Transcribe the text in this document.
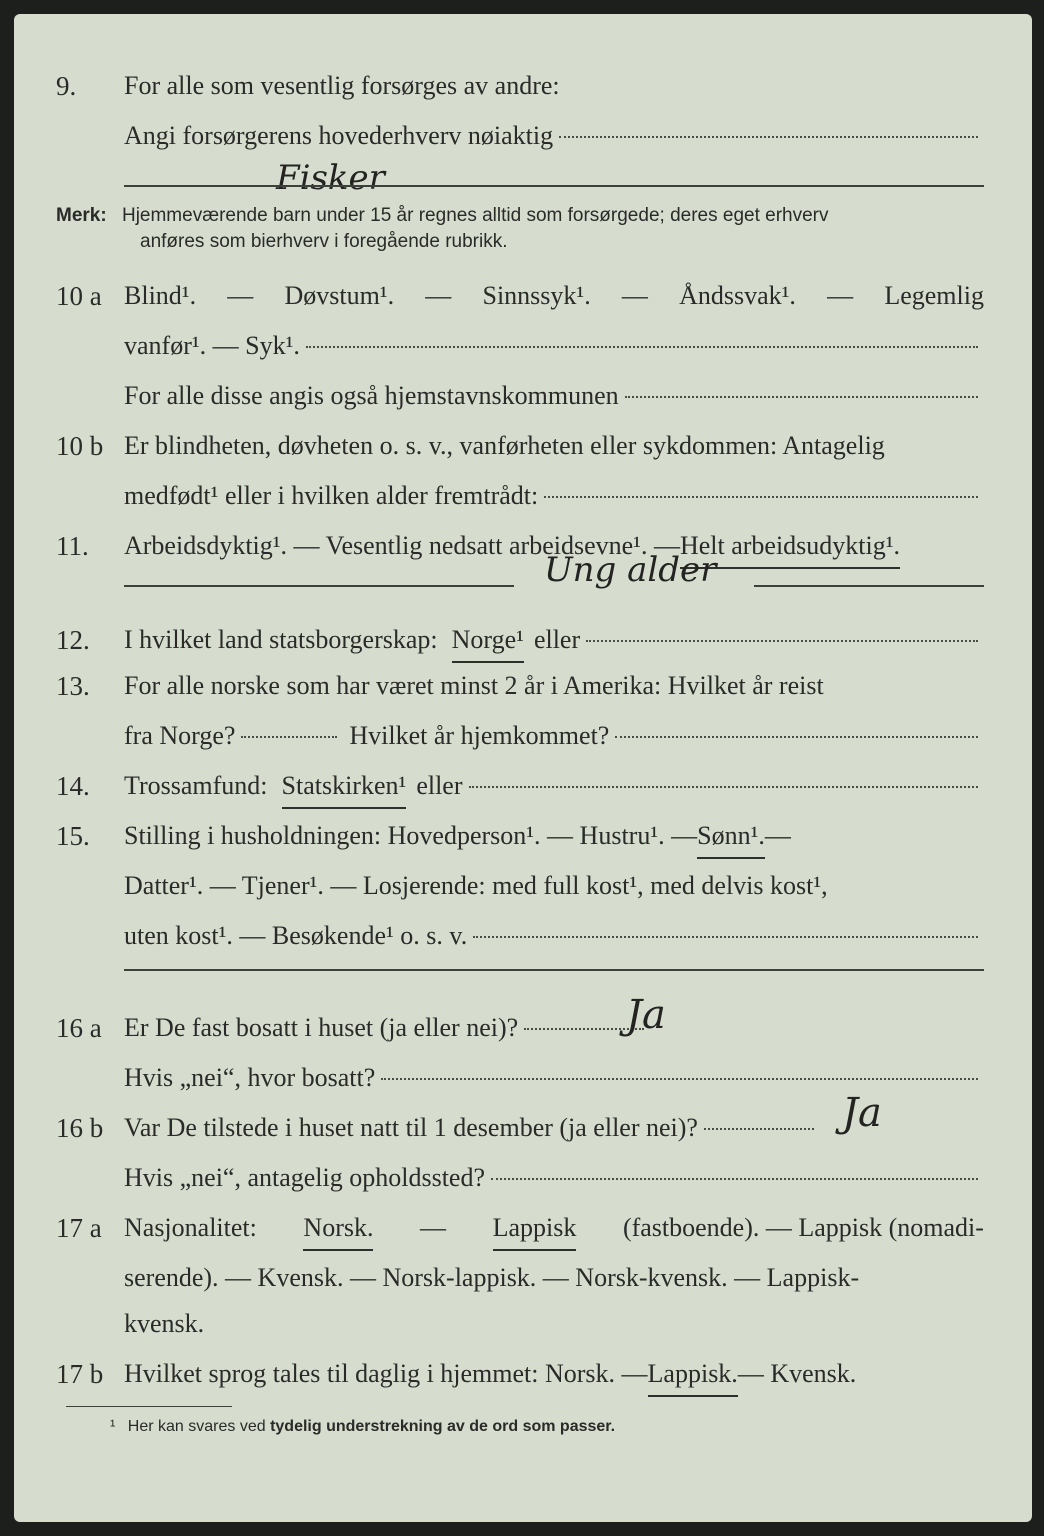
9.	For alle som vesentlig forsørges av andre:
Angi forsørgerens hovederhverv nøiaktig
Fisker
Merk: Hjemmeværende barn under 15 år regnes alltid som forsørgede; deres eget erhverv
anføres som bierhverv i foregående rubrikk.
10 a Blind¹. — Døvstum¹. — Sinnssyk¹. — Åndssvak¹. — Legemlig
vanfør¹. — Syk¹.
For alle disse angis også hjemstavnskommunen
10 b Er blindheten, døvheten o. s. v., vanførheten eller sykdommen: Antagelig
medfødt¹ eller i hvilken alder fremtrådt:
11.	Arbeidsdyktig¹. — Vesentlig nedsatt arbeidsevne¹. — Helt arbeidsudyktig¹.
Ung alder
12.	I hvilket land statsborgerskap: Norge¹ eller
13.	For alle norske som har været minst 2 år i Amerika: Hvilket år reist
fra Norge?	Hvilket år hjemkommet?
14.	Trossamfund: Statskirken¹ eller
15.	Stilling i husholdningen: Hovedperson¹. — Hustru¹. — Sønn¹. —
Datter¹. — Tjener¹. — Losjerende: med full kost¹, med delvis kost¹,
uten kost¹. — Besøkende¹ o. s. v.
16 a Er De fast bosatt i huset (ja eller nei)?	Ja
Hvis „nei“, hvor bosatt?
16 b Var De tilstede i huset natt til 1 desember (ja eller nei)?	Ja
Hvis „nei“, antagelig opholdssted?
17 a Nasjonalitet: Norsk. — Lappisk (fastboende). — Lappisk (nomadi-
serende). — Kvensk. — Norsk-lappisk. — Norsk-kvensk. — Lappisk-
kvensk.
17 b Hvilket sprog tales til daglig i hjemmet: Norsk. — Lappisk. — Kvensk.
¹ Her kan svares ved tydelig understrekning av de ord som passer.
